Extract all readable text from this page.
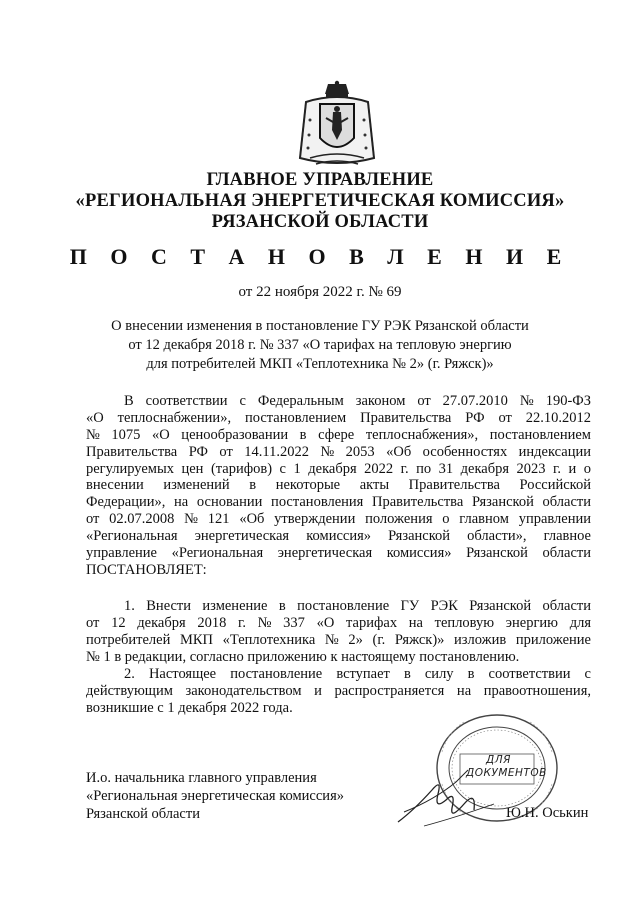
ГЛАВНОЕ УПРАВЛЕНИЕ
«РЕГИОНАЛЬНАЯ ЭНЕРГЕТИЧЕСКАЯ КОМИССИЯ»
РЯЗАНСКОЙ ОБЛАСТИ
П О С Т А Н О В Л Е Н И Е
от 22 ноября 2022 г. № 69
О внесении изменения в постановление ГУ РЭК Рязанской области
от 12 декабря 2018 г. № 337 «О тарифах на тепловую энергию
для потребителей МКП «Теплотехника № 2» (г. Ряжск)»
В соответствии с Федеральным законом от 27.07.2010 № 190-ФЗ
«О теплоснабжении», постановлением Правительства РФ от 22.10.2012
№ 1075 «О ценообразовании в сфере теплоснабжения», постановлением
Правительства РФ от 14.11.2022 № 2053 «Об особенностях индексации
регулируемых цен (тарифов) с 1 декабря 2022 г. по 31 декабря 2023 г. и о
внесении изменений в некоторые акты Правительства Российской
Федерации», на основании постановления Правительства Рязанской области
от 02.07.2008 № 121 «Об утверждении положения о главном управлении
«Региональная энергетическая комиссия» Рязанской области», главное
управление «Региональная энергетическая комиссия» Рязанской области
ПОСТАНОВЛЯЕТ:
1. Внести изменение в постановление ГУ РЭК Рязанской области
от 12 декабря 2018 г. № 337 «О тарифах на тепловую энергию для
потребителей МКП «Теплотехника № 2» (г. Ряжск)» изложив приложение
№ 1 в редакции, согласно приложению к настоящему постановлению.
2. Настоящее постановление вступает в силу в соответствии с
действующим законодательством и распространяется на правоотношения,
возникшие с 1 декабря 2022 года.
ДЛЯ
ДОКУМЕНТОВ
И.о. начальника главного управления
«Региональная энергетическая комиссия»
Рязанской области	Ю.Н. Оськин
